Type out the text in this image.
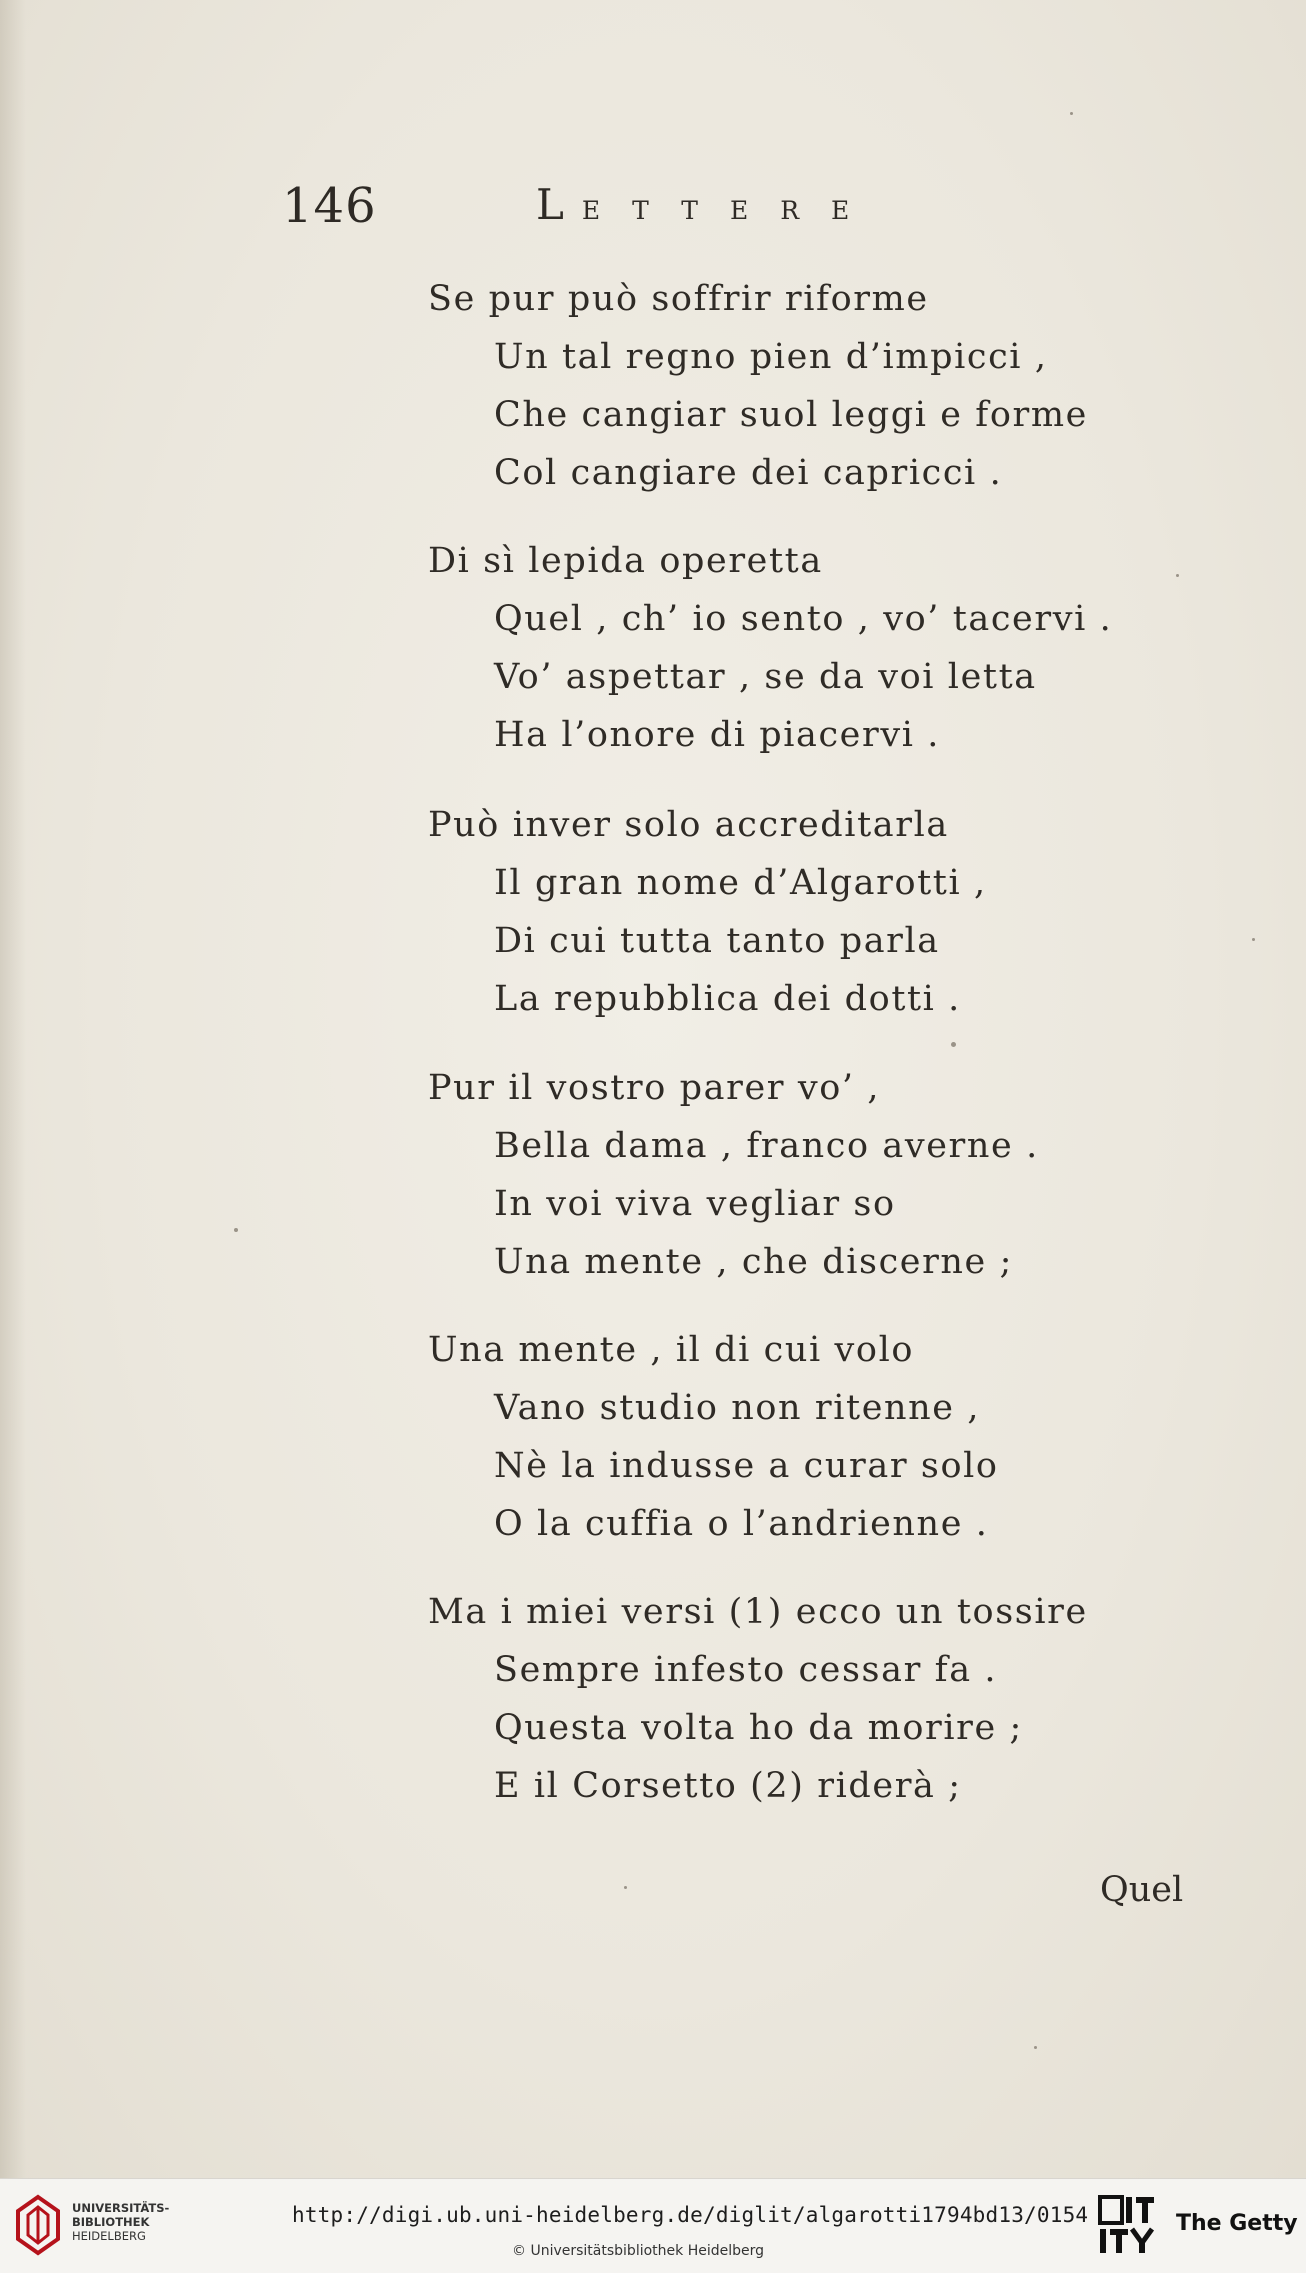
146	LETTERE
Se pur può soffrir riforme
Un tal regno pien d’impicci ,
Che cangiar suol leggi e forme
Col cangiare dei capricci .
Di sì lepida operetta
Quel , ch’ io sento , vo’ tacervi .
Vo’ aspettar , se da voi letta
Ha l’onore di piacervi .
Può inver solo accreditarla
Il gran nome d’Algarotti ,
Di cui tutta tanto parla
La repubblica dei dotti .
Pur il vostro parer vo’ ,
Bella dama , franco averne .
In voi viva vegliar so
Una mente , che discerne ;
Una mente , il di cui volo
Vano studio non ritenne ,
Nè la indusse a curar solo
O la cuffia o l’andrienne .
Ma i miei versi (1) ecco un tossire
Sempre infesto cessar fa .
Questa volta ho da morire ;
E il Corsetto (2) riderà ;
Quel
UNIVERSITÄTS-
BIBLIOTHEK
HEIDELBERG
http://digi.ub.uni-heidelberg.de/diglit/algarotti1794bd13/0154
© Universitätsbibliothek Heidelberg
The Getty
